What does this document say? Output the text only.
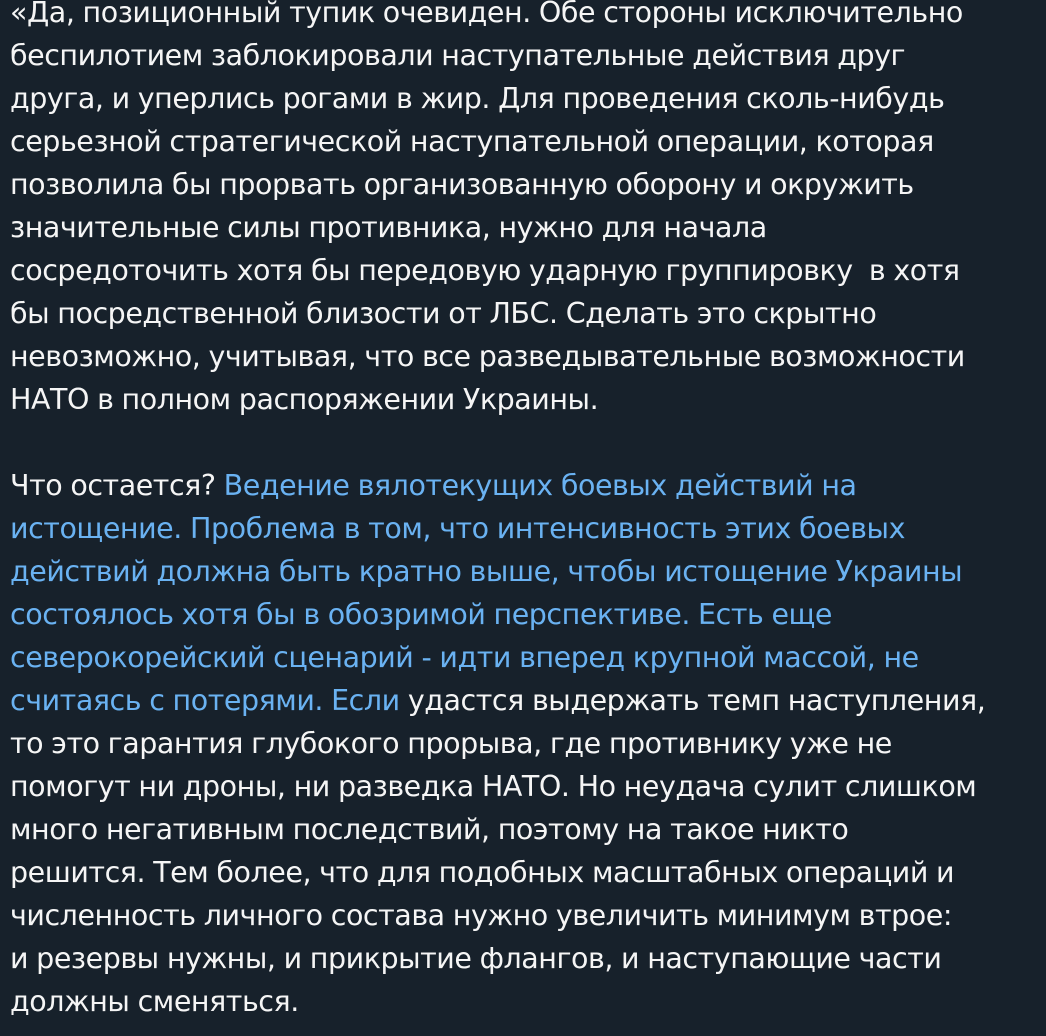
«Да, позиционный тупик очевиден. Обе стороны исключительно
беспилотием заблокировали наступательные действия друг
друга, и уперлись рогами в жир. Для проведения сколь-нибудь
серьезной стратегической наступательной операции, которая
позволила бы прорвать организованную оборону и окружить
значительные силы противника, нужно для начала
сосредоточить хотя бы передовую ударную группировку  в хотя
бы посредственной близости от ЛБС. Сделать это скрытно
невозможно, учитывая, что все разведывательные возможности
НАТО в полном распоряжении Украины.
Что остается? Ведение вялотекущих боевых действий на
истощение. Проблема в том, что интенсивность этих боевых
действий должна быть кратно выше, чтобы истощение Украины
состоялось хотя бы в обозримой перспективе. Есть еще
северокорейский сценарий - идти вперед крупной массой, не
считаясь с потерями. Если удастся выдержать темп наступления,
то это гарантия глубокого прорыва, где противнику уже не
помогут ни дроны, ни разведка НАТО. Но неудача сулит слишком
много негативным последствий, поэтому на такое никто
решится. Тем более, что для подобных масштабных операций и
численность личного состава нужно увеличить минимум втрое:
и резервы нужны, и прикрытие флангов, и наступающие части
должны сменяться.
